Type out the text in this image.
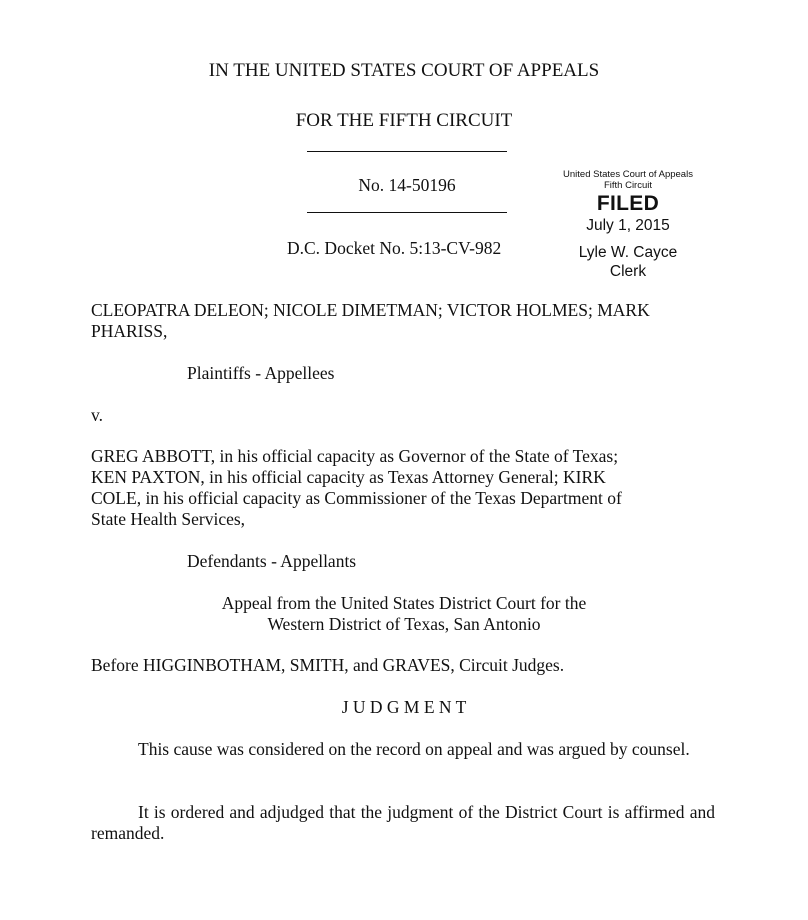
IN THE UNITED STATES COURT OF APPEALS
FOR THE FIFTH CIRCUIT
No. 14-50196
D.C. Docket No. 5:13-CV-982
United States Court of Appeals
Fifth Circuit
FILED
July 1, 2015
Lyle W. Cayce
Clerk
CLEOPATRA DELEON; NICOLE DIMETMAN; VICTOR HOLMES; MARK
PHARISS,
Plaintiffs - Appellees
v.
GREG ABBOTT, in his official capacity as Governor of the State of Texas;
KEN PAXTON, in his official capacity as Texas Attorney General; KIRK
COLE, in his official capacity as Commissioner of the Texas Department of
State Health Services,
Defendants - Appellants
Appeal from the United States District Court for the
Western District of Texas, San Antonio
Before HIGGINBOTHAM, SMITH, and GRAVES, Circuit Judges.
J U D G M E N T
This cause was considered on the record on appeal and was argued by counsel.
It is ordered and adjudged that the judgment of the District Court is affirmed and remanded.
